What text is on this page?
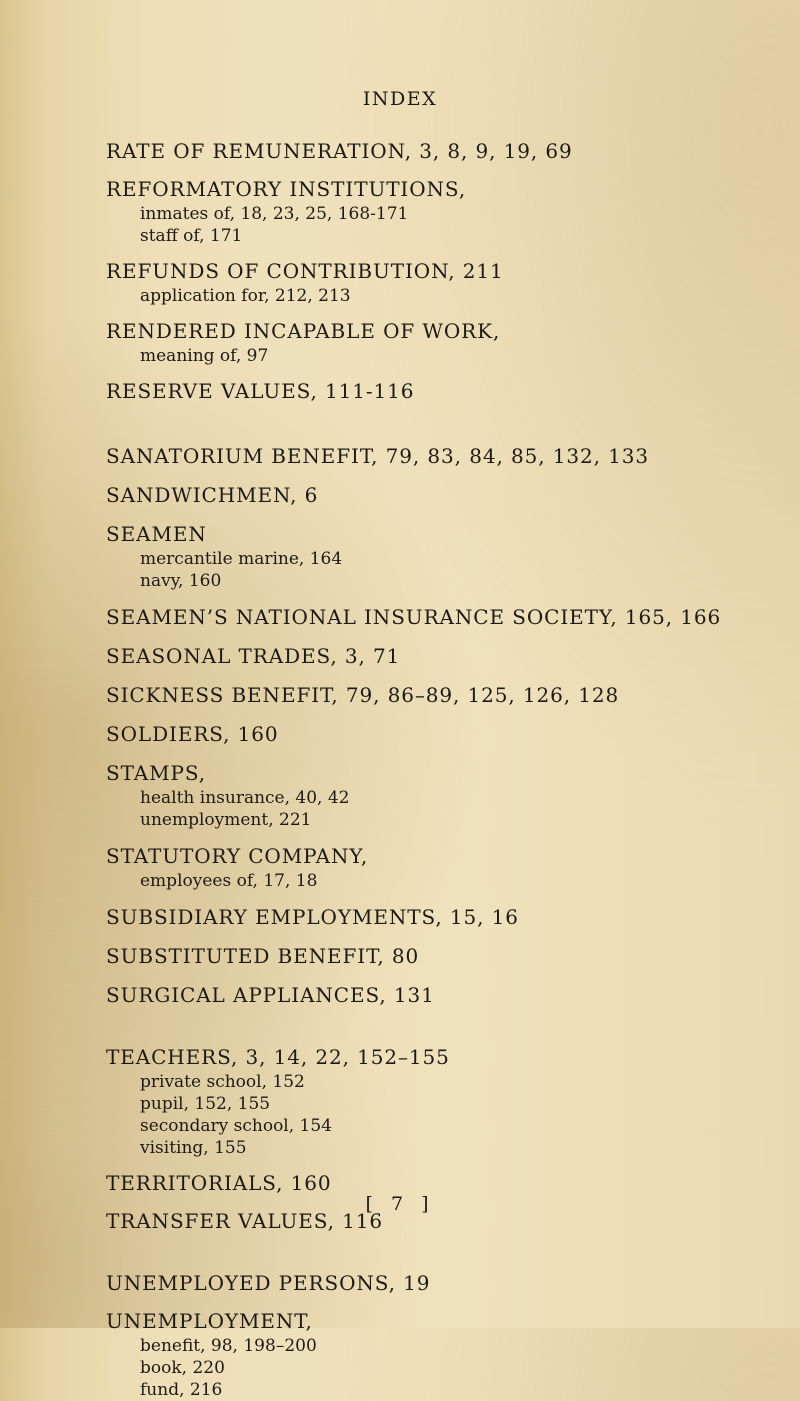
INDEX
RATE OF REMUNERATION, 3, 8, 9, 19, 69
REFORMATORY INSTITUTIONS,
inmates of, 18, 23, 25, 168-171
staff of, 171
REFUNDS OF CONTRIBUTION, 211
application for, 212, 213
RENDERED INCAPABLE OF WORK,
meaning of, 97
RESERVE VALUES, 111-116
SANATORIUM BENEFIT, 79, 83, 84, 85, 132, 133
SANDWICHMEN, 6
SEAMEN
mercantile marine, 164
navy, 160
SEAMEN’S NATIONAL INSURANCE SOCIETY, 165, 166
SEASONAL TRADES, 3, 71
SICKNESS BENEFIT, 79, 86–89, 125, 126, 128
SOLDIERS, 160
STAMPS,
health insurance, 40, 42
unemployment, 221
STATUTORY COMPANY,
employees of, 17, 18
SUBSIDIARY EMPLOYMENTS, 15, 16
SUBSTITUTED BENEFIT, 80
SURGICAL APPLIANCES, 131
TEACHERS, 3, 14, 22, 152–155
private school, 152
pupil, 152, 155
secondary school, 154
visiting, 155
TERRITORIALS, 160
TRANSFER VALUES, 116
UNEMPLOYED PERSONS, 19
UNEMPLOYMENT,
benefit, 98, 198–200
book, 220
fund, 216
[ 7 ]
